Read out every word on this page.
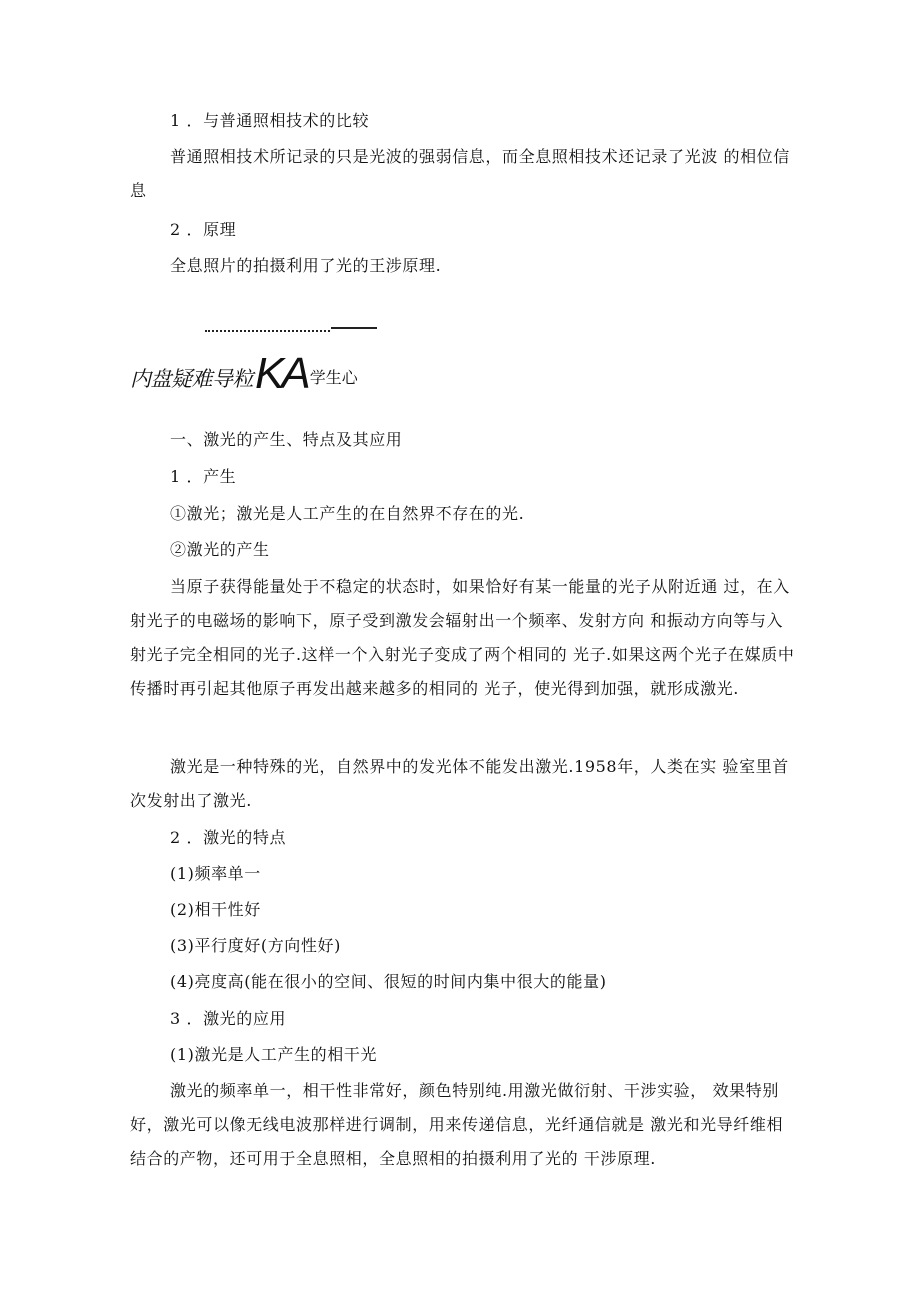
1 ．与普通照相技术的比较
普通照相技术所记录的只是光波的强弱信息，而全息照相技术还记录了光波 的相位信息
2 ．原理
全息照片的拍摄利用了光的王涉原理.
内盘疑难导粒 KA 学生心
一、激光的产生、特点及其应用
1 ．产生
①激光；激光是人工产生的在自然界不存在的光.
②激光的产生
当原子获得能量处于不稳定的状态时，如果恰好有某一能量的光子从附近通 过，在入射光子的电磁场的影响下，原子受到激发会辐射出一个频率、发射方向 和振动方向等与入射光子完全相同的光子.这样一个入射光子变成了两个相同的 光子.如果这两个光子在媒质中传播时再引起其他原子再发出越来越多的相同的 光子，使光得到加强，就形成激光.
激光是一种特殊的光，自然界中的发光体不能发出激光.1958年，人类在实 验室里首次发射出了激光.
2 ．激光的特点
(1)频率单一
(2)相干性好
(3)平行度好(方向性好)
(4)亮度高(能在很小的空间、很短的时间内集中很大的能量)
3 ．激光的应用
(1)激光是人工产生的相干光
激光的频率单一，相干性非常好，颜色特别纯.用激光做衍射、干涉实验， 效果特别好，激光可以像无线电波那样进行调制，用来传递信息，光纤通信就是 激光和光导纤维相结合的产物，还可用于全息照相，全息照相的拍摄利用了光的 干涉原理.
